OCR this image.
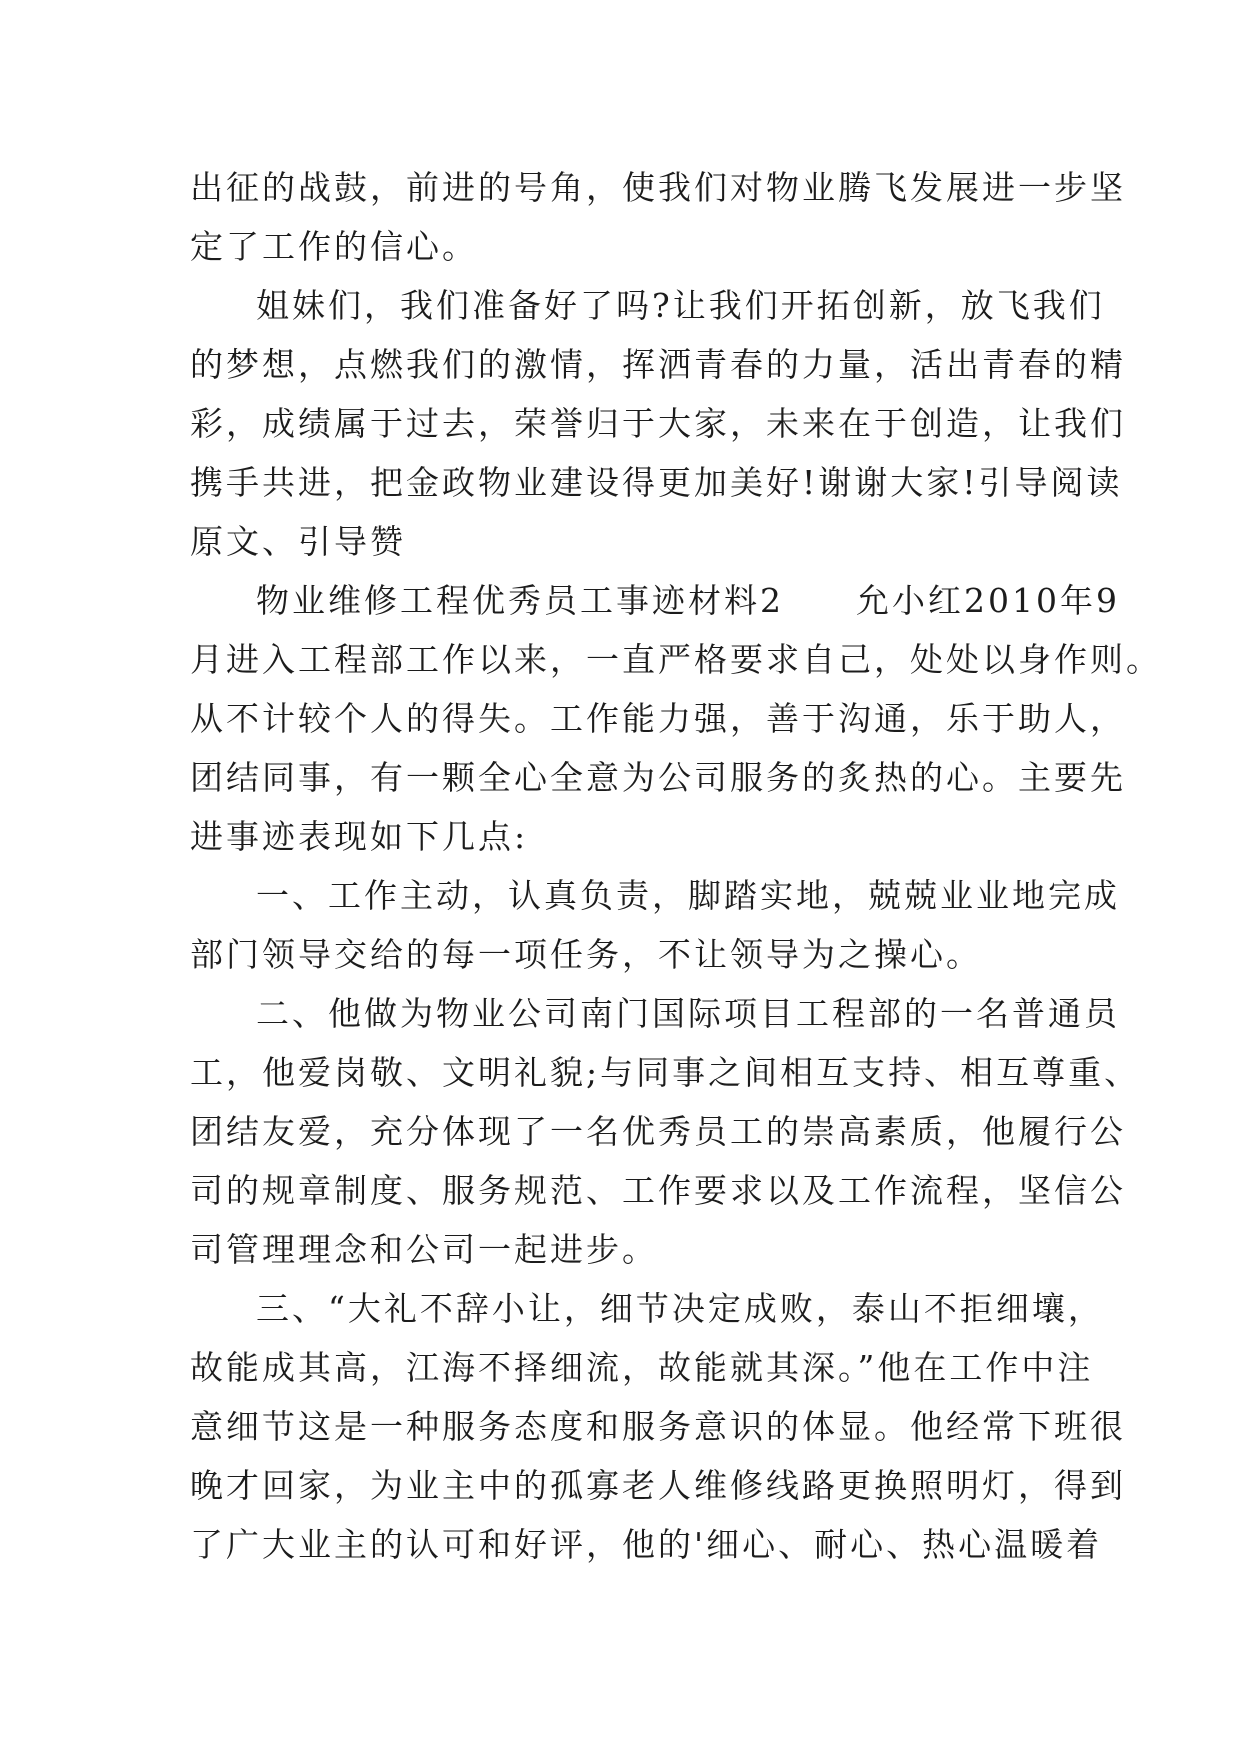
出征的战鼓，前进的号角，使我们对物业腾飞发展进一步坚
定了工作的信心。

姐妹们，我们准备好了吗?让我们开拓创新，放飞我们
的梦想，点燃我们的激情，挥洒青春的力量，活出青春的精
彩，成绩属于过去，荣誉归于大家，未来在于创造，让我们
携手共进，把金政物业建设得更加美好!谢谢大家!引导阅读
原文、引导赞

物业维修工程优秀员工事迹材料2　　允小红2010年9
月进入工程部工作以来，一直严格要求自己，处处以身作则。
从不计较个人的得失。工作能力强，善于沟通，乐于助人，
团结同事，有一颗全心全意为公司服务的炙热的心。主要先
进事迹表现如下几点:

一、工作主动，认真负责，脚踏实地，兢兢业业地完成
部门领导交给的每一项任务，不让领导为之操心。

二、他做为物业公司南门国际项目工程部的一名普通员
工，他爱岗敬、文明礼貌;与同事之间相互支持、相互尊重、
团结友爱，充分体现了一名优秀员工的崇高素质，他履行公
司的规章制度、服务规范、工作要求以及工作流程，坚信公
司管理理念和公司一起进步。

三、“大礼不辞小让，细节决定成败，泰山不拒细壤，
故能成其高，江海不择细流，故能就其深。”他在工作中注
意细节这是一种服务态度和服务意识的体显。他经常下班很
晚才回家，为业主中的孤寡老人维修线路更换照明灯，得到
了广大业主的认可和好评，他的'细心、耐心、热心温暖着
